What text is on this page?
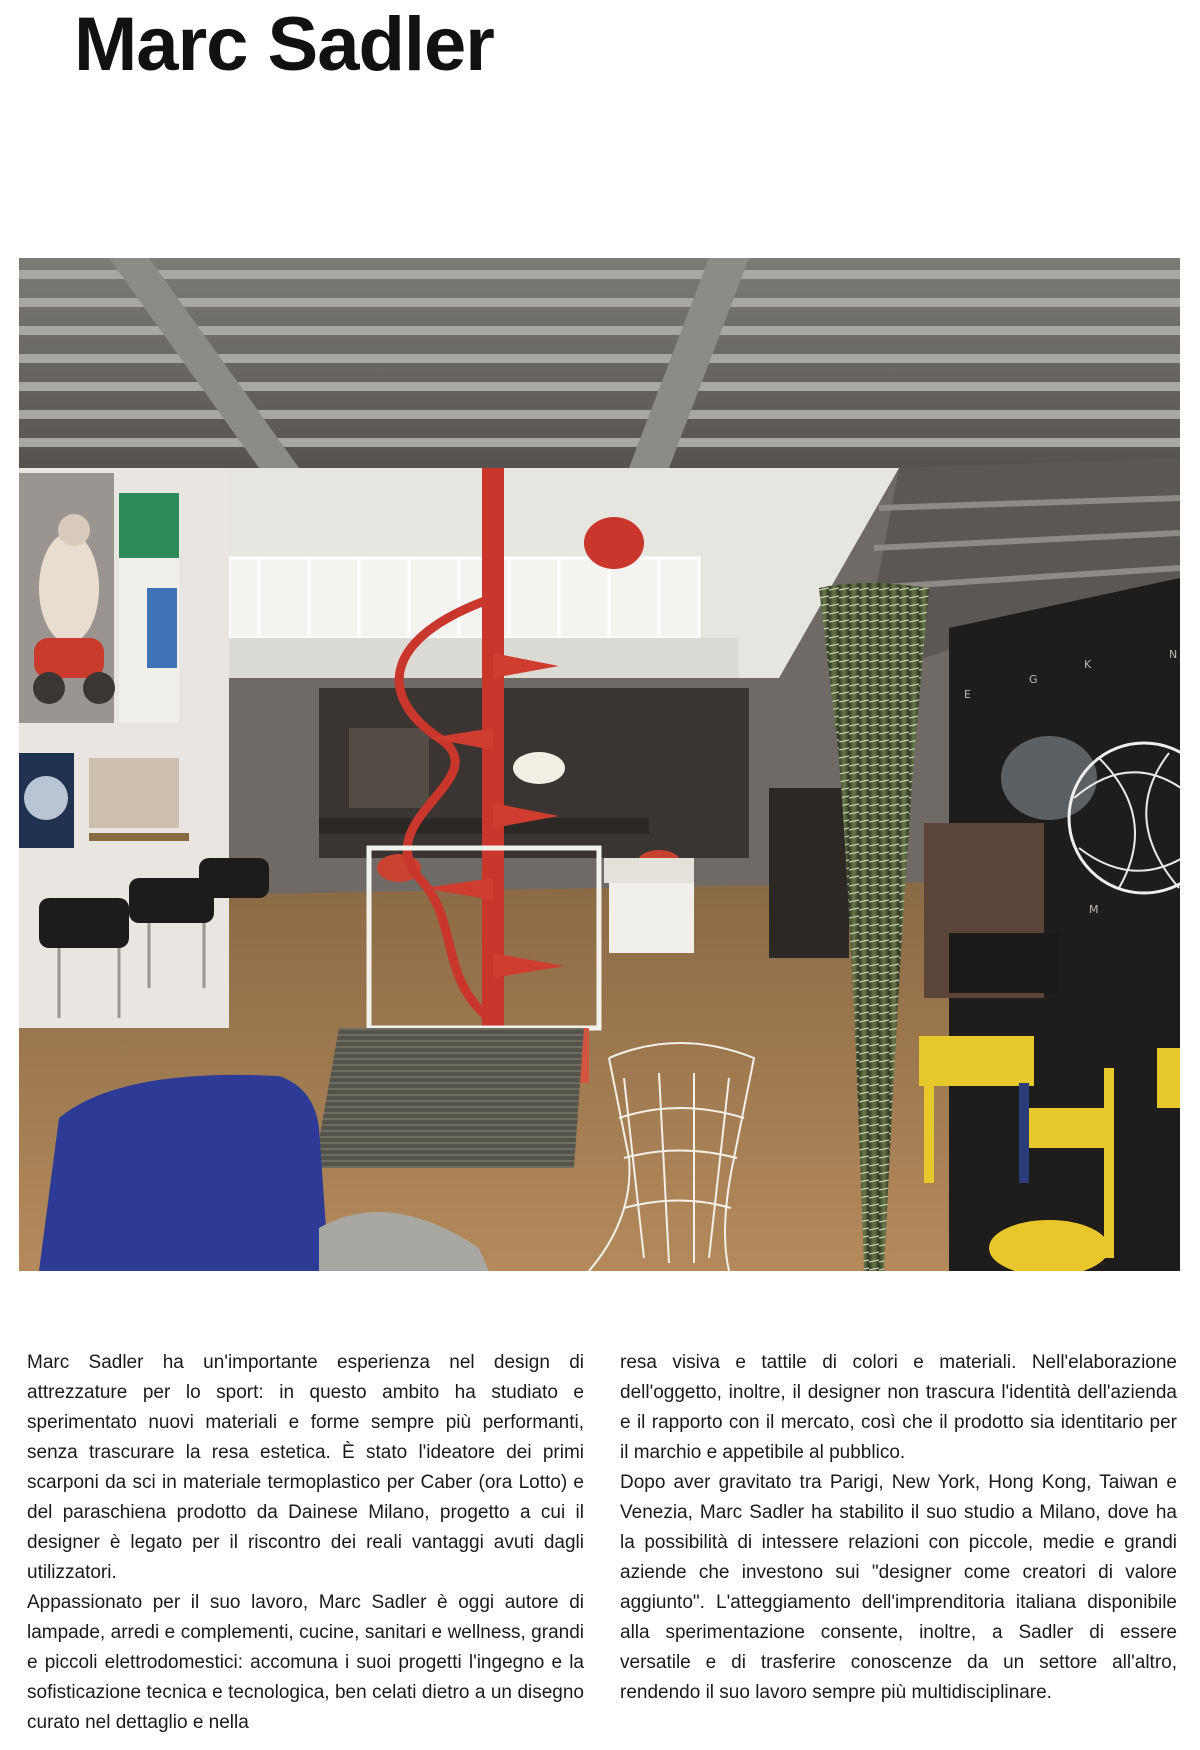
Marc Sadler
E
G
K
N
M

Marc Sadler ha un'importante esperienza nel design di attrezzature per lo sport: in questo ambito ha studiato e sperimentato nuovi materiali e forme sempre più performanti, senza trascurare la resa estetica. È stato l'ideatore dei primi scarponi da sci in materiale termoplastico per Caber (ora Lotto) e del paraschiena prodotto da Dainese Milano, progetto a cui il designer è legato per il riscontro dei reali vantaggi avuti dagli utilizzatori.

Appassionato per il suo lavoro, Marc Sadler è oggi autore di lampade, arredi e complementi, cucine, sanitari e wellness, grandi e piccoli elettrodomestici: accomuna i suoi progetti l'ingegno e la sofisticazione tecnica e tecnologica, ben celati dietro a un disegno curato nel dettaglio e nella

resa visiva e tattile di colori e materiali. Nell'elaborazione dell'oggetto, inoltre, il designer non trascura l'identità dell'azienda e il rapporto con il mercato, così che il prodotto sia identitario per il marchio e appetibile al pubblico.

Dopo aver gravitato tra Parigi, New York, Hong Kong, Taiwan e Venezia, Marc Sadler ha stabilito il suo studio a Milano, dove ha la possibilità di intessere relazioni con piccole, medie e grandi aziende che investono sui "designer come creatori di valore aggiunto". L'atteggiamento dell'imprenditoria italiana disponibile alla sperimentazione consente, inoltre, a Sadler di essere versatile e di trasferire conoscenze da un settore all'altro, rendendo il suo lavoro sempre più multidisciplinare.
